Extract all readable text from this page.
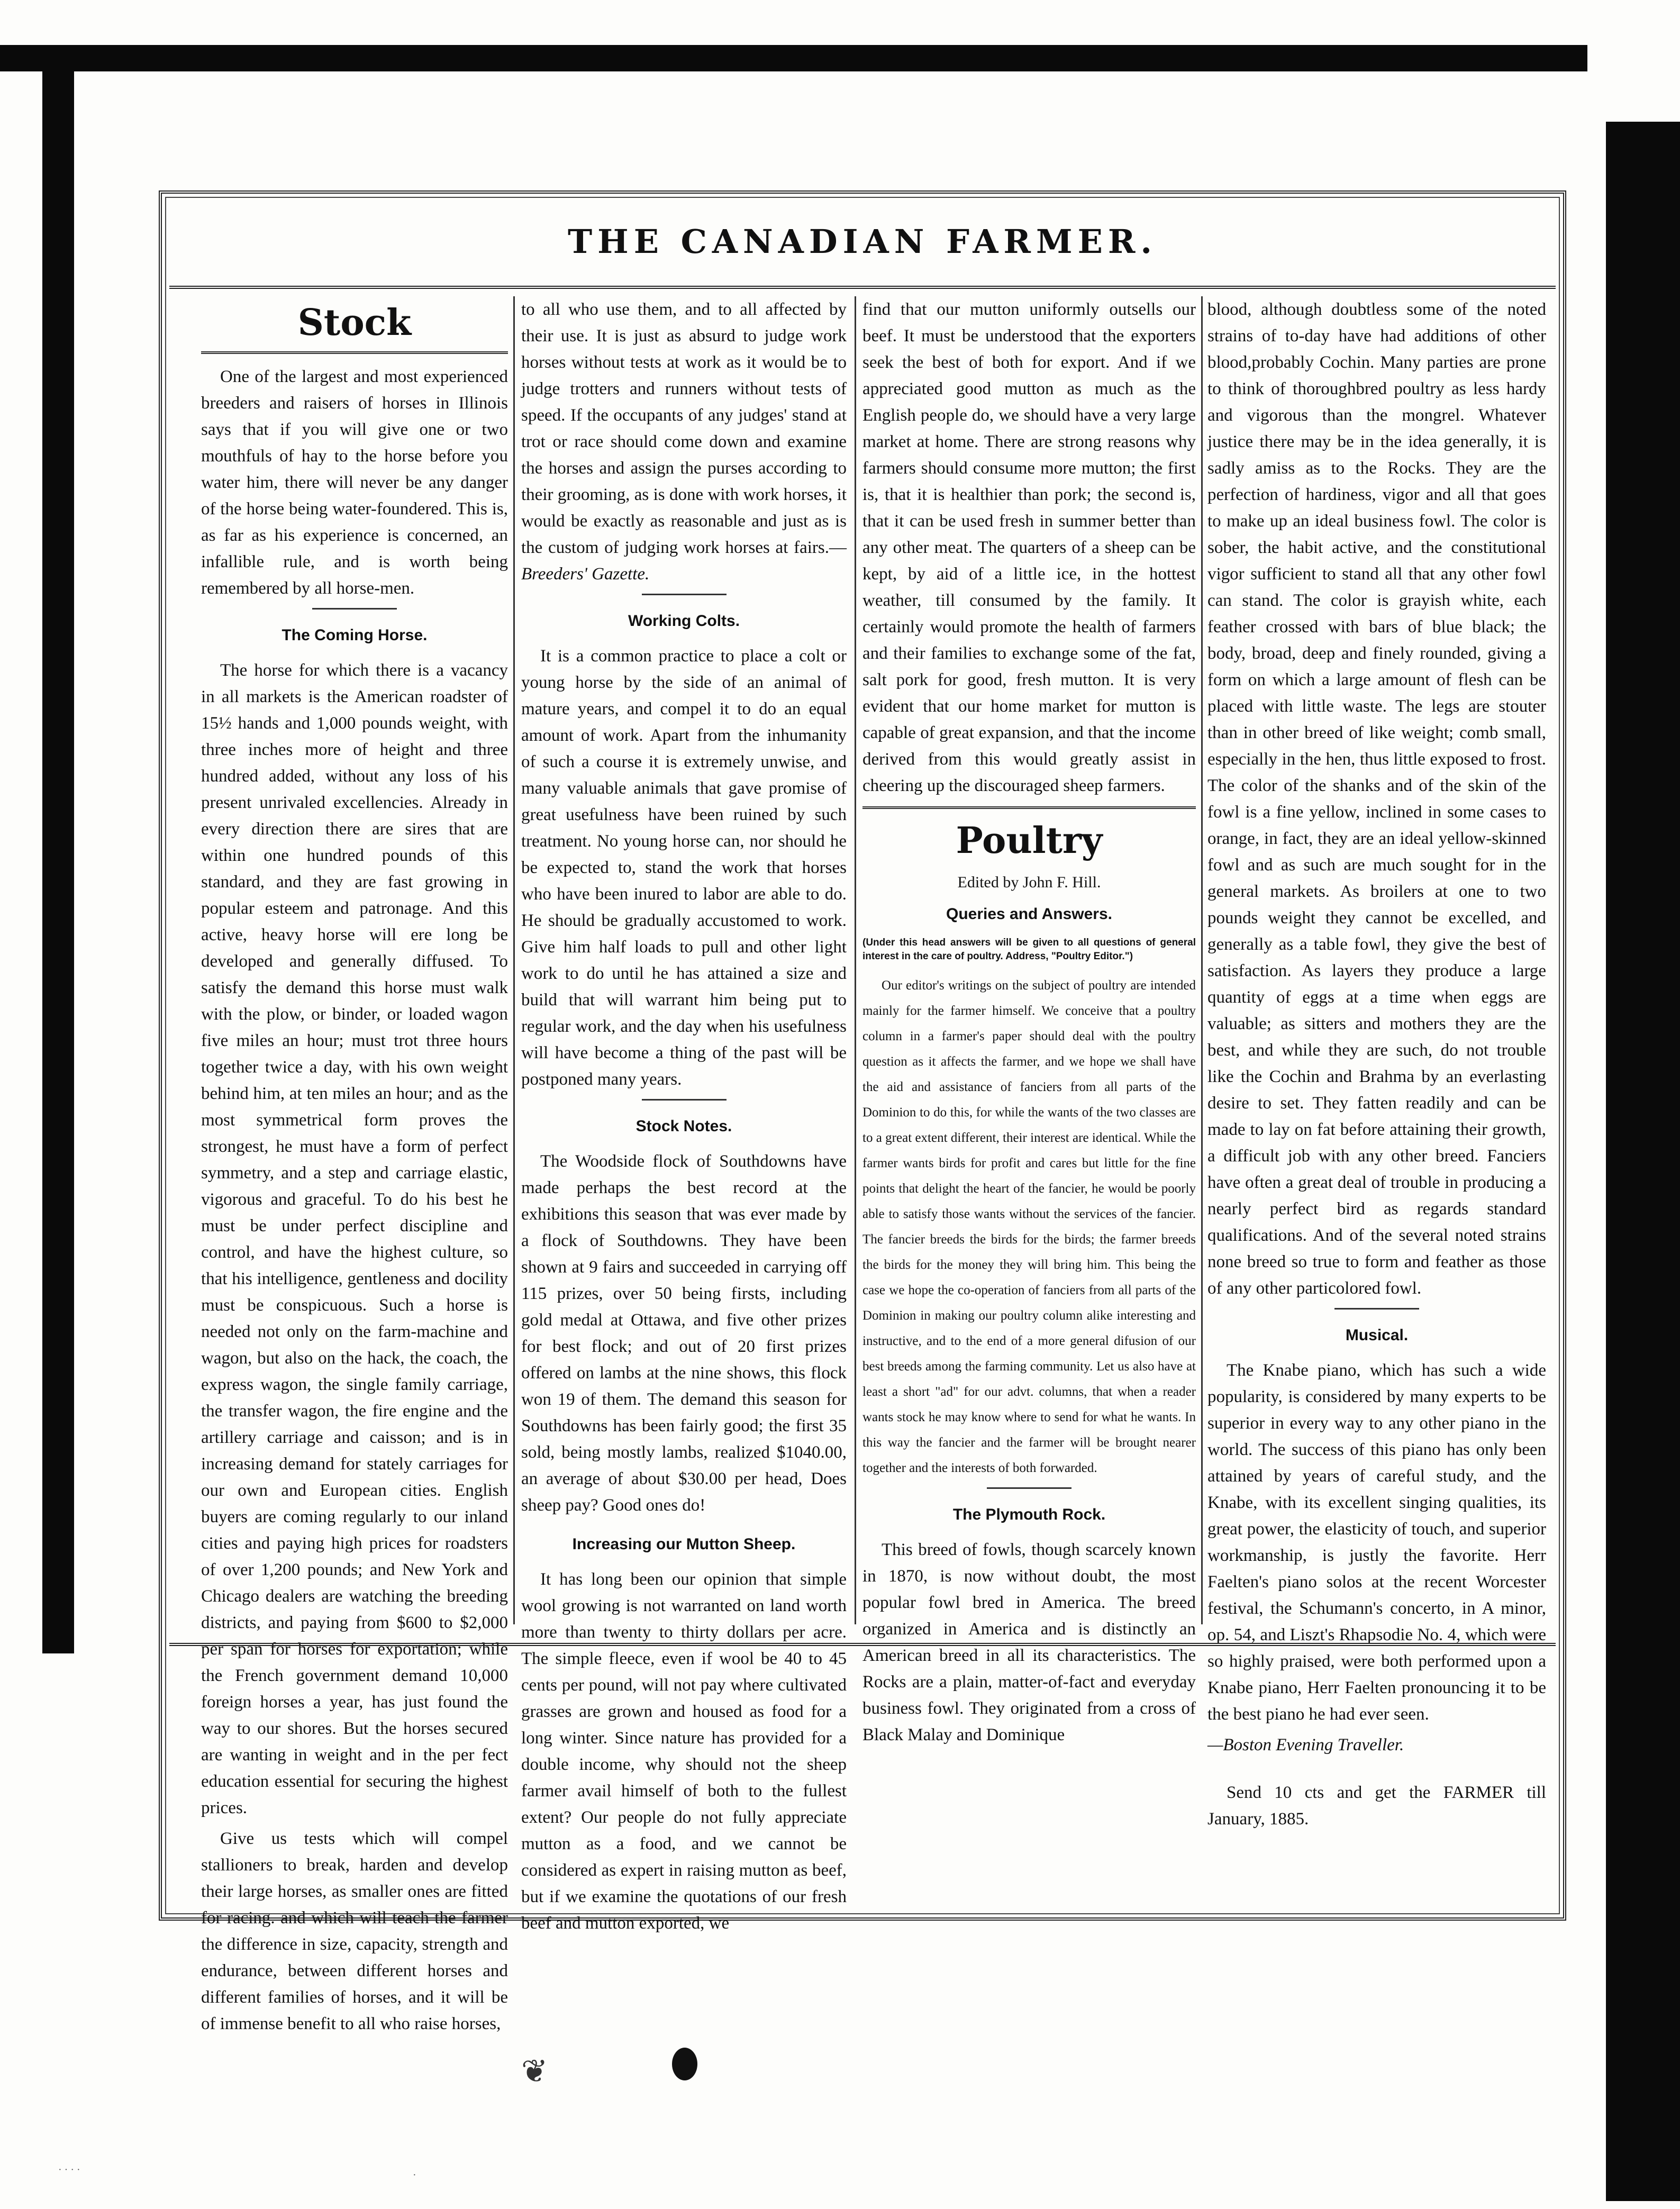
THE CANADIAN FARMER.
Stock

One of the largest and most experienced breeders and raisers of horses in Illinois says that if you will give one or two mouthfuls of hay to the horse before you water him, there will never be any danger of the horse being water-foundered. This is, as far as his experience is concerned, an infallible rule, and is worth being remembered by all horse-men.

The Coming Horse.

The horse for which there is a vacancy in all markets is the American roadster of 15½ hands and 1,000 pounds weight, with three inches more of height and three hundred added, without any loss of his present unrivaled excellencies. Already in every direction there are sires that are within one hundred pounds of this standard, and they are fast growing in popular esteem and patronage. And this active, heavy horse will ere long be developed and generally diffused. To satisfy the demand this horse must walk with the plow, or binder, or loaded wagon five miles an hour; must trot three hours together twice a day, with his own weight behind him, at ten miles an hour; and as the most symmetrical form proves the strongest, he must have a form of perfect symmetry, and a step and carriage elastic, vigorous and graceful. To do his best he must be under perfect discipline and control, and have the highest culture, so that his intelligence, gentleness and docility must be conspicuous. Such a horse is needed not only on the farm-machine and wagon, but also on the hack, the coach, the express wagon, the single family carriage, the transfer wagon, the fire engine and the artillery carriage and caisson; and is in increasing demand for stately carriages for our own and European cities. English buyers are coming regularly to our inland cities and paying high prices for roadsters of over 1,200 pounds; and New York and Chicago dealers are watching the breeding districts, and paying from $600 to $2,000 per span for horses for exportation; while the French government demand 10,000 foreign horses a year, has just found the way to our shores. But the horses secured are wanting in weight and in the per fect education essential for securing the highest prices.

Give us tests which will compel stallioners to break, harden and develop their large horses, as smaller ones are fitted for racing. and which will teach the farmer the difference in size, capacity, strength and endurance, between different horses and different families of horses, and it will be of immense benefit to all who raise horses,

to all who use them, and to all affected by their use. It is just as absurd to judge work horses without tests at work as it would be to judge trotters and runners without tests of speed. If the occupants of any judges' stand at trot or race should come down and examine the horses and assign the purses according to their grooming, as is done with work horses, it would be exactly as reasonable and just as is the custom of judging work horses at fairs.—Breeders' Gazette.

Working Colts.

It is a common practice to place a colt or young horse by the side of an animal of mature years, and compel it to do an equal amount of work. Apart from the inhumanity of such a course it is extremely unwise, and many valuable animals that gave promise of great usefulness have been ruined by such treatment. No young horse can, nor should he be expected to, stand the work that horses who have been inured to labor are able to do. He should be gradually accustomed to work. Give him half loads to pull and other light work to do until he has attained a size and build that will warrant him being put to regular work, and the day when his usefulness will have become a thing of the past will be postponed many years.

Stock Notes.

The Woodside flock of Southdowns have made perhaps the best record at the exhibitions this season that was ever made by a flock of Southdowns. They have been shown at 9 fairs and succeeded in carrying off 115 prizes, over 50 being firsts, including gold medal at Ottawa, and five other prizes for best flock; and out of 20 first prizes offered on lambs at the nine shows, this flock won 19 of them. The demand this season for Southdowns has been fairly good; the first 35 sold, being mostly lambs, realized $1040.00, an average of about $30.00 per head, Does sheep pay? Good ones do!

Increasing our Mutton Sheep.

It has long been our opinion that simple wool growing is not warranted on land worth more than twenty to thirty dollars per acre. The simple fleece, even if wool be 40 to 45 cents per pound, will not pay where cultivated grasses are grown and housed as food for a long winter. Since nature has provided for a double income, why should not the sheep farmer avail himself of both to the fullest extent? Our people do not fully appreciate mutton as a food, and we cannot be considered as expert in raising mutton as beef, but if we examine the quotations of our fresh beef and mutton exported, we

find that our mutton uniformly outsells our beef. It must be understood that the exporters seek the best of both for export. And if we appreciated good mutton as much as the English people do, we should have a very large market at home. There are strong reasons why farmers should consume more mutton; the first is, that it is healthier than pork; the second is, that it can be used fresh in summer better than any other meat. The quarters of a sheep can be kept, by aid of a little ice, in the hottest weather, till consumed by the family. It certainly would promote the health of farmers and their families to exchange some of the fat, salt pork for good, fresh mutton. It is very evident that our home market for mutton is capable of great expansion, and that the income derived from this would greatly assist in cheering up the discouraged sheep farmers.

Poultry
Edited by John F. Hill.
Queries and Answers.
(Under this head answers will be given to all questions of general interest in the care of poultry. Address, "Poultry Editor.")

Our editor's writings on the subject of poultry are intended mainly for the farmer himself. We conceive that a poultry column in a farmer's paper should deal with the poultry question as it affects the farmer, and we hope we shall have the aid and assistance of fanciers from all parts of the Dominion to do this, for while the wants of the two classes are to a great extent different, their interest are identical. While the farmer wants birds for profit and cares but little for the fine points that delight the heart of the fancier, he would be poorly able to satisfy those wants without the services of the fancier. The fancier breeds the birds for the birds; the farmer breeds the birds for the money they will bring him. This being the case we hope the co-operation of fanciers from all parts of the Dominion in making our poultry column alike interesting and instructive, and to the end of a more general difusion of our best breeds among the farming community. Let us also have at least a short "ad" for our advt. columns, that when a reader wants stock he may know where to send for what he wants. In this way the fancier and the farmer will be brought nearer together and the interests of both forwarded.

The Plymouth Rock.

This breed of fowls, though scarcely known in 1870, is now without doubt, the most popular fowl bred in America. The breed organized in America and is distinctly an American breed in all its characteristics. The Rocks are a plain, matter-of-fact and everyday business fowl. They originated from a cross of Black Malay and Dominique

blood, although doubtless some of the noted strains of to-day have had additions of other blood,probably Cochin. Many parties are prone to think of thoroughbred poultry as less hardy and vigorous than the mongrel. Whatever justice there may be in the idea generally, it is sadly amiss as to the Rocks. They are the perfection of hardiness, vigor and all that goes to make up an ideal business fowl. The color is sober, the habit active, and the constitutional vigor sufficient to stand all that any other fowl can stand. The color is grayish white, each feather crossed with bars of blue black; the body, broad, deep and finely rounded, giving a form on which a large amount of flesh can be placed with little waste. The legs are stouter than in other breed of like weight; comb small, especially in the hen, thus little exposed to frost. The color of the shanks and of the skin of the fowl is a fine yellow, inclined in some cases to orange, in fact, they are an ideal yellow-skinned fowl and as such are much sought for in the general markets. As broilers at one to two pounds weight they cannot be excelled, and generally as a table fowl, they give the best of satisfaction. As layers they produce a large quantity of eggs at a time when eggs are valuable; as sitters and mothers they are the best, and while they are such, do not trouble like the Cochin and Brahma by an everlasting desire to set. They fatten readily and can be made to lay on fat before attaining their growth, a difficult job with any other breed. Fanciers have often a great deal of trouble in producing a nearly perfect bird as regards standard qualifications. And of the several noted strains none breed so true to form and feather as those of any other particolored fowl.

Musical.

The Knabe piano, which has such a wide popularity, is considered by many experts to be superior in every way to any other piano in the world. The success of this piano has only been attained by years of careful study, and the Knabe, with its excellent singing qualities, its great power, the elasticity of touch, and superior workmanship, is justly the favorite. Herr Faelten's piano solos at the recent Worcester festival, the Schumann's concerto, in A minor, op. 54, and Liszt's Rhapsodie No. 4, which were so highly praised, were both performed upon a Knabe piano, Herr Faelten pronouncing it to be the best piano he had ever seen.

—Boston Evening Traveller.

Send 10 cts and get the FARMER till January, 1885.

❦
· · · ·	·
